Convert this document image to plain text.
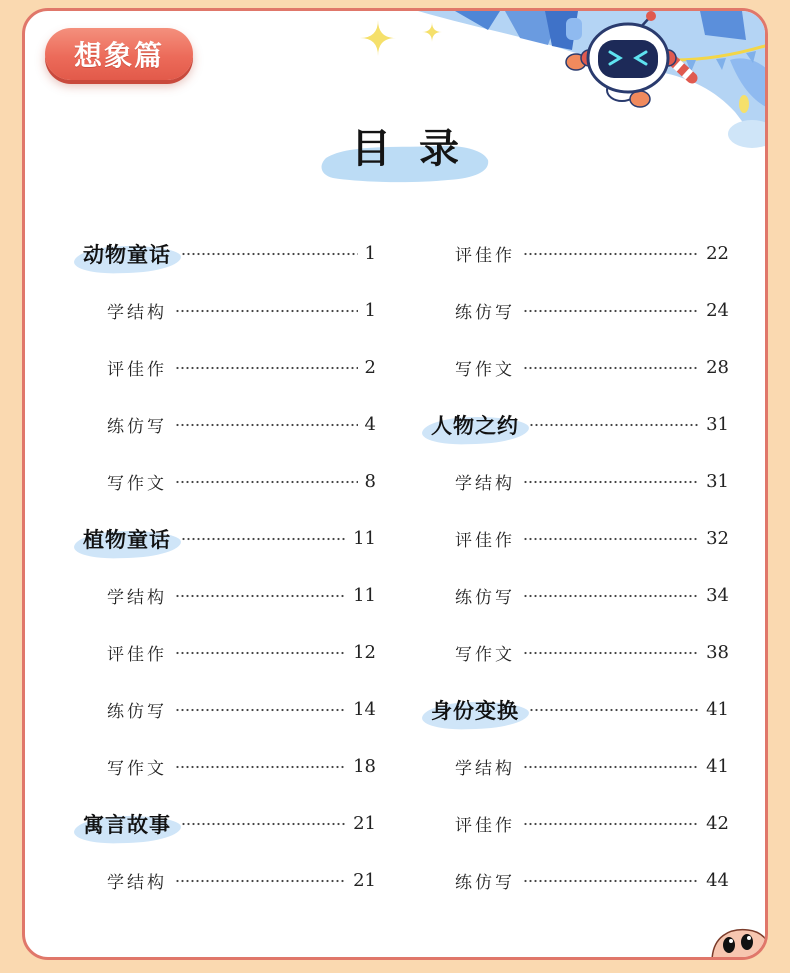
想象篇
目录
动物童话	1
学结构	1
评佳作	2
练仿写	4
写作文	8
植物童话	11
学结构	11
评佳作	12
练仿写	14
写作文	18
寓言故事	21
学结构	21
评佳作	22
练仿写	24
写作文	28
人物之约	31
学结构	31
评佳作	32
练仿写	34
写作文	38
身份变换	41
学结构	41
评佳作	42
练仿写	44
